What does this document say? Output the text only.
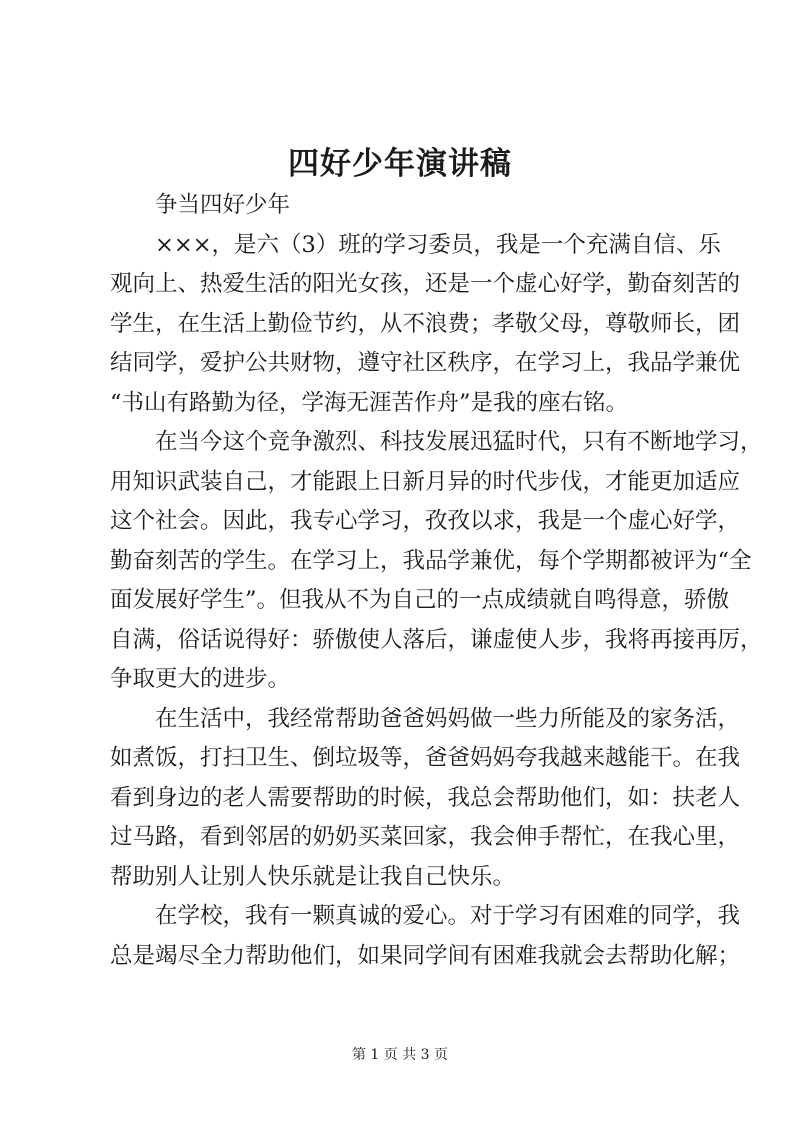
四好少年演讲稿
争当四好少年
×××，是六（3）班的学习委员，我是一个充满自信、乐
观向上、热爱生活的阳光女孩，还是一个虚心好学，勤奋刻苦的
学生，在生活上勤俭节约，从不浪费；孝敬父母，尊敬师长，团
结同学，爱护公共财物，遵守社区秩序，在学习上，我品学兼优
“书山有路勤为径，学海无涯苦作舟”是我的座右铭。
在当今这个竞争激烈、科技发展迅猛时代，只有不断地学习，
用知识武装自己，才能跟上日新月异的时代步伐，才能更加适应
这个社会。因此，我专心学习，孜孜以求，我是一个虚心好学，
勤奋刻苦的学生。在学习上，我品学兼优，每个学期都被评为“全
面发展好学生”。但我从不为自己的一点成绩就自鸣得意，骄傲
自满，俗话说得好：骄傲使人落后，谦虚使人步，我将再接再厉，
争取更大的进步。
在生活中，我经常帮助爸爸妈妈做一些力所能及的家务活，
如煮饭，打扫卫生、倒垃圾等，爸爸妈妈夸我越来越能干。在我
看到身边的老人需要帮助的时候，我总会帮助他们，如：扶老人
过马路，看到邻居的奶奶买菜回家，我会伸手帮忙，在我心里，
帮助别人让别人快乐就是让我自己快乐。
在学校，我有一颗真诚的爱心。对于学习有困难的同学，我
总是竭尽全力帮助他们，如果同学间有困难我就会去帮助化解；
第 1 页 共 3 页
